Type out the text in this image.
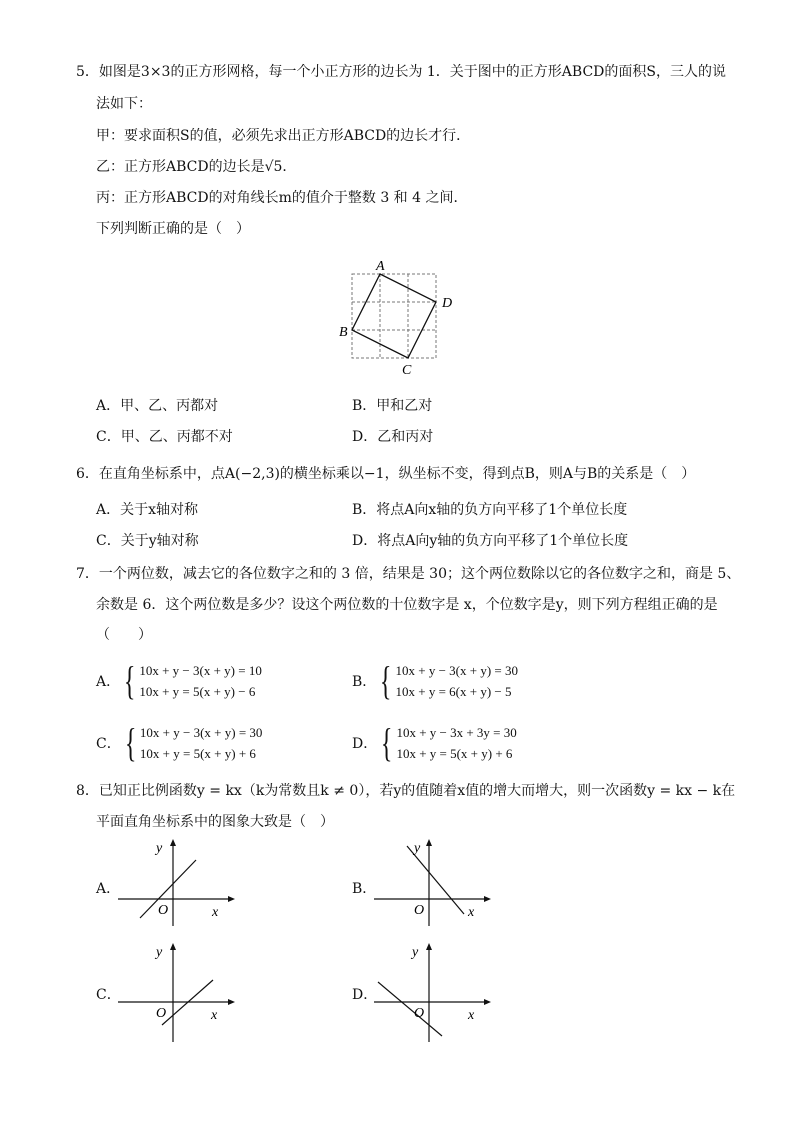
5．如图是3×3的正方形网格，每一个小正方形的边长为 1．关于图中的正方形ABCD的面积S，三人的说
法如下：
甲：要求面积S的值，必须先求出正方形ABCD的边长才行．
乙：正方形ABCD的边长是√5．
丙：正方形ABCD的对角线长m的值介于整数 3 和 4 之间．
下列判断正确的是（　）
A
D
B
C
A．甲、乙、丙都对	B．甲和乙对
C．甲、乙、丙都不对	D．乙和丙对
6．在直角坐标系中，点A(−2,3)的横坐标乘以−1，纵坐标不变，得到点B，则A与B的关系是（　）
A．关于x轴对称	B．将点A向x轴的负方向平移了1个单位长度
C．关于y轴对称	D．将点A向y轴的负方向平移了1个单位长度
7．一个两位数，减去它的各位数字之和的 3 倍，结果是 30；这个两位数除以它的各位数字之和，商是 5、
余数是 6．这个两位数是多少？设这个两位数的十位数字是 x，个位数字是y，则下列方程组正确的是
（　　）
A． { 10x + y − 3(x + y) = 10
10x + y = 5(x + y) − 6
B． { 10x + y − 3(x + y) = 30
10x + y = 6(x + y) − 5
C． { 10x + y − 3(x + y) = 30
10x + y = 5(x + y) + 6
D． { 10x + y − 3x + 3y = 30
10x + y = 5(x + y) + 6
8．已知正比例函数y = kx（k为常数且k ≠ 0），若y的值随着x值的增大而增大，则一次函数y = kx − k在
平面直角坐标系中的图象大致是（　）
A．
y
O	x
B．
y
O	x
C．
y
O	x
D．
y
O	x
